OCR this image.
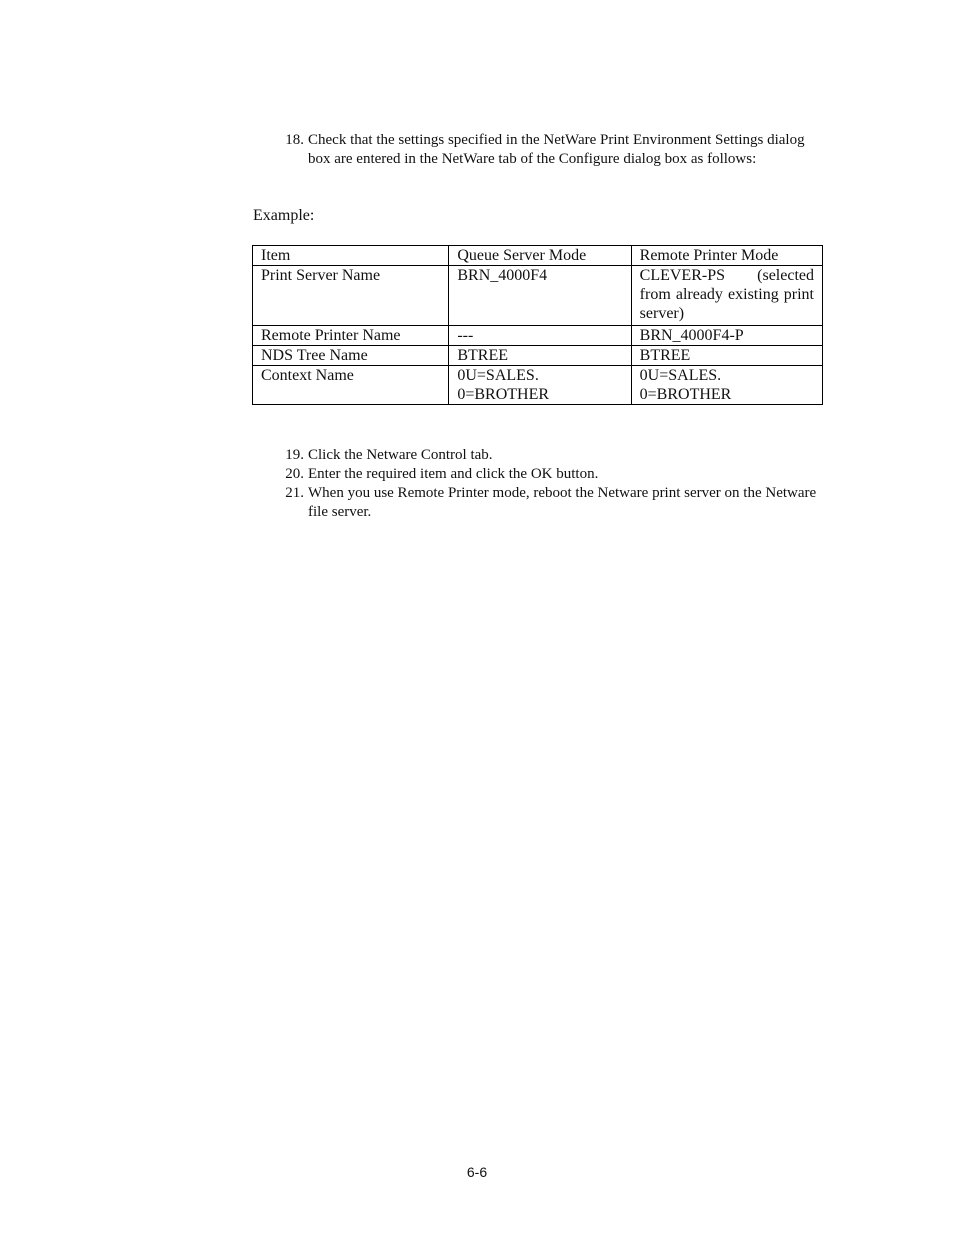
18. Check that the settings specified in the NetWare Print Environment Settings dialog box are entered in the NetWare tab of the Configure dialog box as follows:
Example:
Item	Queue Server Mode	Remote Printer Mode
Print Server Name	BRN_4000F4	CLEVER-PS (selected from already existing print server)
Remote Printer Name	---	BRN_4000F4-P
NDS Tree Name	BTREE	BTREE
Context Name	0U=SALES. 0=BROTHER	0U=SALES. 0=BROTHER
19. Click the Netware Control tab.
20. Enter the required item and click the OK button.
21. When you use Remote Printer mode, reboot the Netware print server on the Netware file server.
6-6
